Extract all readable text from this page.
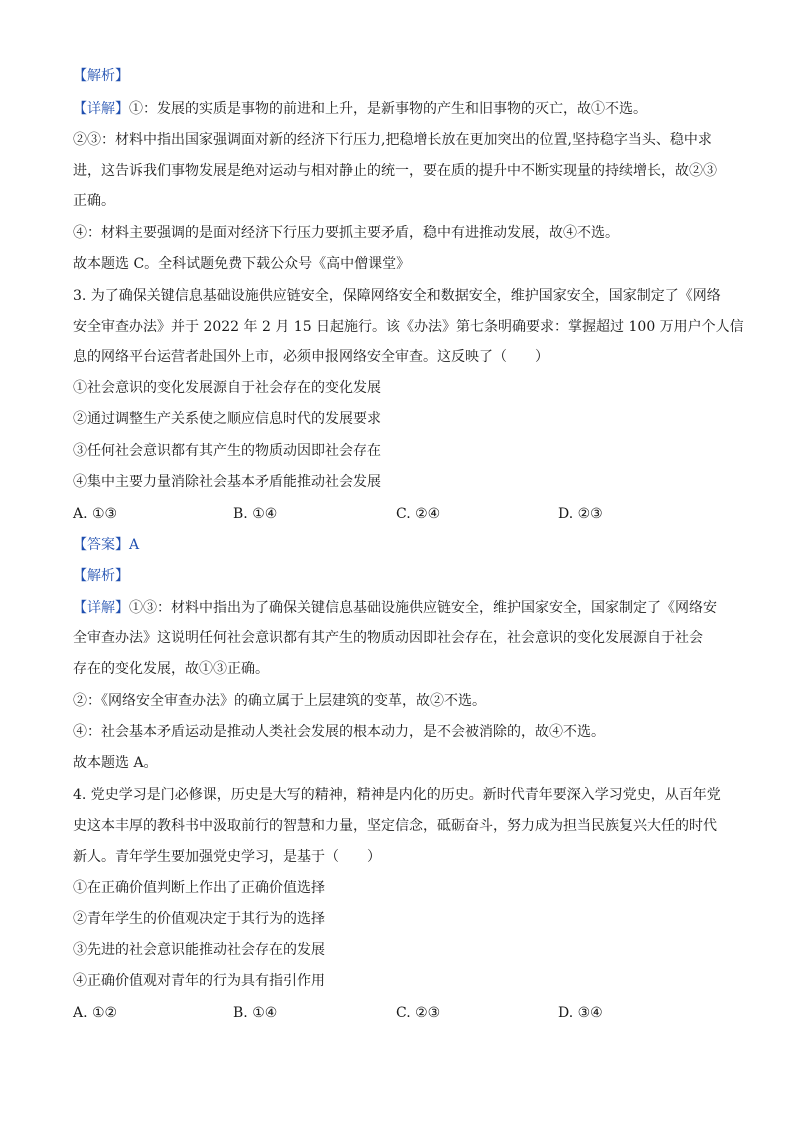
【解析】
【详解】①：发展的实质是事物的前进和上升，是新事物的产生和旧事物的灭亡，故①不选。
②③：材料中指出国家强调面对新的经济下行压力,把稳增长放在更加突出的位置,坚持稳字当头、稳中求
进，这告诉我们事物发展是绝对运动与相对静止的统一，要在质的提升中不断实现量的持续增长，故②③
正确。
④：材料主要强调的是面对经济下行压力要抓主要矛盾，稳中有进推动发展，故④不选。
故本题选 C。全科试题免费下载公众号《高中僧课堂》
3. 为了确保关键信息基础设施供应链安全，保障网络安全和数据安全，维护国家安全，国家制定了《网络
安全审查办法》并于 2022 年 2 月 15 日起施行。该《办法》第七条明确要求：掌握超过 100 万用户个人信
息的网络平台运营者赴国外上市，必须申报网络安全审查。这反映了（　　）
①社会意识的变化发展源自于社会存在的变化发展
②通过调整生产关系使之顺应信息时代的发展要求
③任何社会意识都有其产生的物质动因即社会存在
④集中主要力量消除社会基本矛盾能推动社会发展
A. ①③	B. ①④	C. ②④	D. ②③
【答案】A
【解析】
【详解】①③：材料中指出为了确保关键信息基础设施供应链安全，维护国家安全，国家制定了《网络安
全审查办法》这说明任何社会意识都有其产生的物质动因即社会存在，社会意识的变化发展源自于社会
存在的变化发展，故①③正确。
②：《网络安全审查办法》的确立属于上层建筑的变革，故②不选。
④：社会基本矛盾运动是推动人类社会发展的根本动力，是不会被消除的，故④不选。
故本题选 A。
4. 党史学习是门必修课，历史是大写的精神，精神是内化的历史。新时代青年要深入学习党史，从百年党
史这本丰厚的教科书中汲取前行的智慧和力量，坚定信念，砥砺奋斗，努力成为担当民族复兴大任的时代
新人。青年学生要加强党史学习，是基于（　　）
①在正确价值判断上作出了正确价值选择
②青年学生的价值观决定于其行为的选择
③先进的社会意识能推动社会存在的发展
④正确价值观对青年的行为具有指引作用
A. ①②	B. ①④	C. ②③	D. ③④
